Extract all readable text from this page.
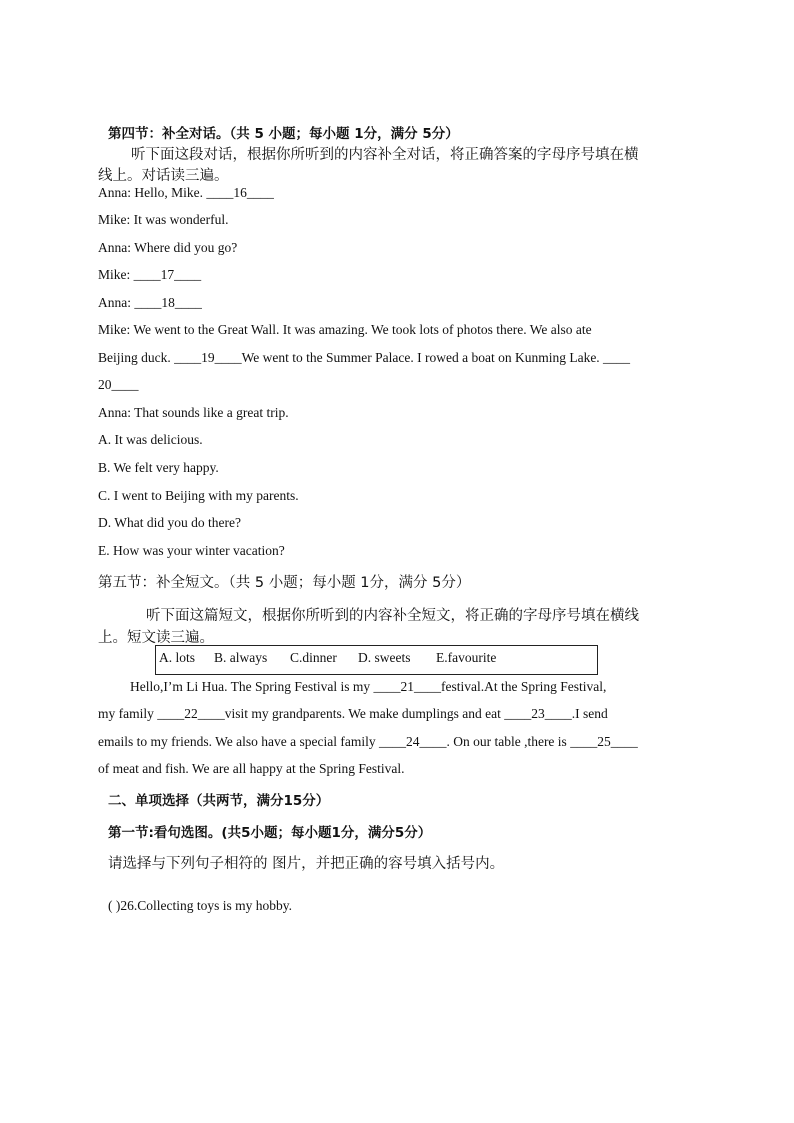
第四节：补全对话。（共 5 小题；每小题 1分，满分 5分）
听下面这段对话，根据你所听到的内容补全对话，将正确答案的字母序号填在横
线上。对话读三遍。
Anna: Hello, Mike. ____16____
Mike: It was wonderful.
Anna: Where did you go?
Mike: ____17____
Anna: ____18____
Mike: We went to the Great Wall. It was amazing. We took lots of photos there. We also ate
Beijing duck. ____19____We went to the Summer Palace. I rowed a boat on Kunming Lake. ____
20____
Anna: That sounds like a great trip.
A. It was delicious.
B. We felt very happy.
C. I went to Beijing with my parents.
D. What did you do there?
E. How was your winter vacation?
第五节：补全短文。（共 5 小题；每小题 1分，满分 5分）
听下面这篇短文，根据你所听到的内容补全短文，将正确的字母序号填在横线
上。短文读三遍。
A. lots B. always C.dinner D. sweets E.favourite
Hello,I’m Li Hua. The Spring Festival is my ____21____festival.At the Spring Festival,
my family ____22____visit my grandparents. We make dumplings and eat ____23____.I send
emails to my friends. We also have a special family ____24____. On our table ,there is ____25____
of meat and fish. We are all happy at the Spring Festival.
二、单项选择（共两节，满分15分）
第一节:看句选图。(共5小题；每小题1分，满分5分）
请选择与下列句子相符的 图片，并把正确的容号填入括号内。
( )26.Collecting toys is my hobby.
